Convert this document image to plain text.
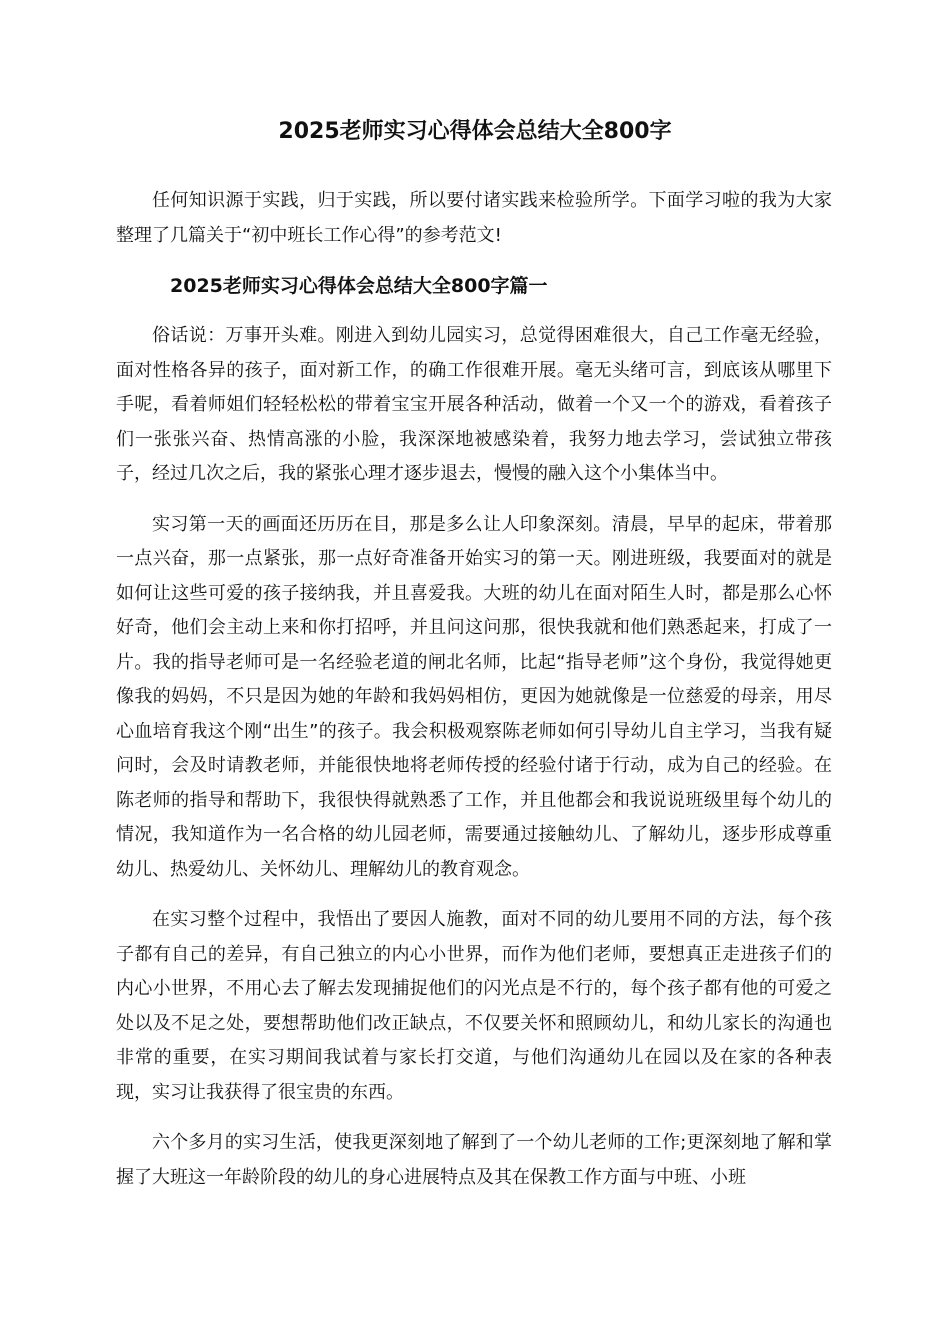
2025老师实习心得体会总结大全800字

任何知识源于实践，归于实践，所以要付诸实践来检验所学。下面学习啦的我为大家整理了几篇关于“初中班长工作心得”的参考范文!

2025老师实习心得体会总结大全800字篇一

俗话说：万事开头难。刚进入到幼儿园实习，总觉得困难很大，自己工作毫无经验，面对性格各异的孩子，面对新工作，的确工作很难开展。毫无头绪可言，到底该从哪里下手呢，看着师姐们轻轻松松的带着宝宝开展各种活动，做着一个又一个的游戏，看着孩子们一张张兴奋、热情高涨的小脸，我深深地被感染着，我努力地去学习，尝试独立带孩子，经过几次之后，我的紧张心理才逐步退去，慢慢的融入这个小集体当中。

实习第一天的画面还历历在目，那是多么让人印象深刻。清晨，早早的起床，带着那一点兴奋，那一点紧张，那一点好奇准备开始实习的第一天。刚进班级，我要面对的就是如何让这些可爱的孩子接纳我，并且喜爱我。大班的幼儿在面对陌生人时，都是那么心怀好奇，他们会主动上来和你打招呼，并且问这问那，很快我就和他们熟悉起来，打成了一片。我的指导老师可是一名经验老道的闸北名师，比起“指导老师”这个身份，我觉得她更像我的妈妈，不只是因为她的年龄和我妈妈相仿，更因为她就像是一位慈爱的母亲，用尽心血培育我这个刚“出生”的孩子。我会积极观察陈老师如何引导幼儿自主学习，当我有疑问时，会及时请教老师，并能很快地将老师传授的经验付诸于行动，成为自己的经验。在陈老师的指导和帮助下，我很快得就熟悉了工作，并且他都会和我说说班级里每个幼儿的情况，我知道作为一名合格的幼儿园老师，需要通过接触幼儿、了解幼儿，逐步形成尊重幼儿、热爱幼儿、关怀幼儿、理解幼儿的教育观念。

在实习整个过程中，我悟出了要因人施教，面对不同的幼儿要用不同的方法，每个孩子都有自己的差异，有自己独立的内心小世界，而作为他们老师，要想真正走进孩子们的内心小世界，不用心去了解去发现捕捉他们的闪光点是不行的，每个孩子都有他的可爱之处以及不足之处，要想帮助他们改正缺点，不仅要关怀和照顾幼儿，和幼儿家长的沟通也非常的重要，在实习期间我试着与家长打交道，与他们沟通幼儿在园以及在家的各种表现，实习让我获得了很宝贵的东西。

六个多月的实习生活，使我更深刻地了解到了一个幼儿老师的工作;更深刻地了解和掌握了大班这一年龄阶段的幼儿的身心进展特点及其在保教工作方面与中班、小班
